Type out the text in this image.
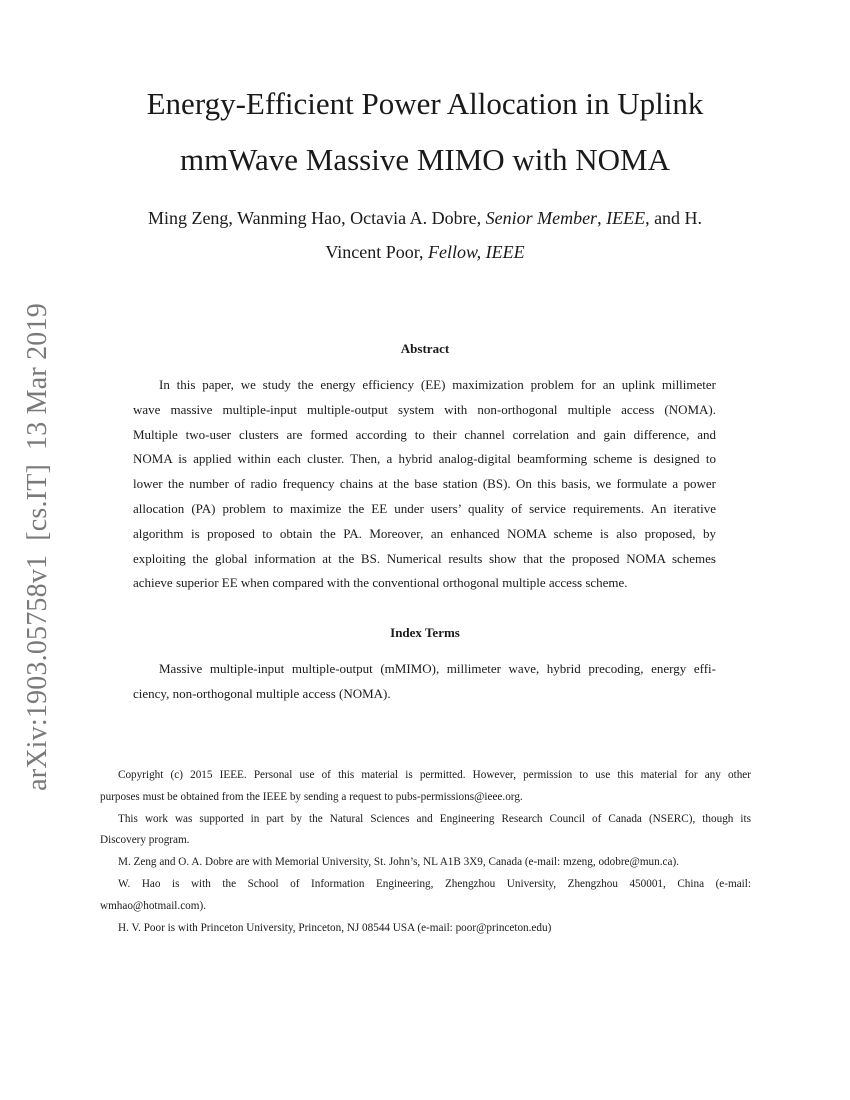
arXiv:1903.05758v1[cs.IT]13 Mar 2019
Energy-Efficient Power Allocation in Uplink
mmWave Massive MIMO with NOMA
Ming Zeng, Wanming Hao, Octavia A. Dobre, Senior Member, IEEE, and H.
Vincent Poor, Fellow, IEEE
Abstract
In this paper, we study the energy efficiency (EE) maximization problem for an uplink millimeter
wave massive multiple-input multiple-output system with non-orthogonal multiple access (NOMA).
Multiple two-user clusters are formed according to their channel correlation and gain difference, and
NOMA is applied within each cluster. Then, a hybrid analog-digital beamforming scheme is designed to
lower the number of radio frequency chains at the base station (BS). On this basis, we formulate a power
allocation (PA) problem to maximize the EE under users’ quality of service requirements. An iterative
algorithm is proposed to obtain the PA. Moreover, an enhanced NOMA scheme is also proposed, by
exploiting the global information at the BS. Numerical results show that the proposed NOMA schemes
achieve superior EE when compared with the conventional orthogonal multiple access scheme.
Index Terms
Massive multiple-input multiple-output (mMIMO), millimeter wave, hybrid precoding, energy effi-
ciency, non-orthogonal multiple access (NOMA).
Copyright (c) 2015 IEEE. Personal use of this material is permitted. However, permission to use this material for any other
purposes must be obtained from the IEEE by sending a request to pubs-permissions@ieee.org.
This work was supported in part by the Natural Sciences and Engineering Research Council of Canada (NSERC), though its
Discovery program.
M. Zeng and O. A. Dobre are with Memorial University, St. John’s, NL A1B 3X9, Canada (e-mail: mzeng, odobre@mun.ca).
W. Hao is with the School of Information Engineering, Zhengzhou University, Zhengzhou 450001, China (e-mail:
wmhao@hotmail.com).
H. V. Poor is with Princeton University, Princeton, NJ 08544 USA (e-mail: poor@princeton.edu)
